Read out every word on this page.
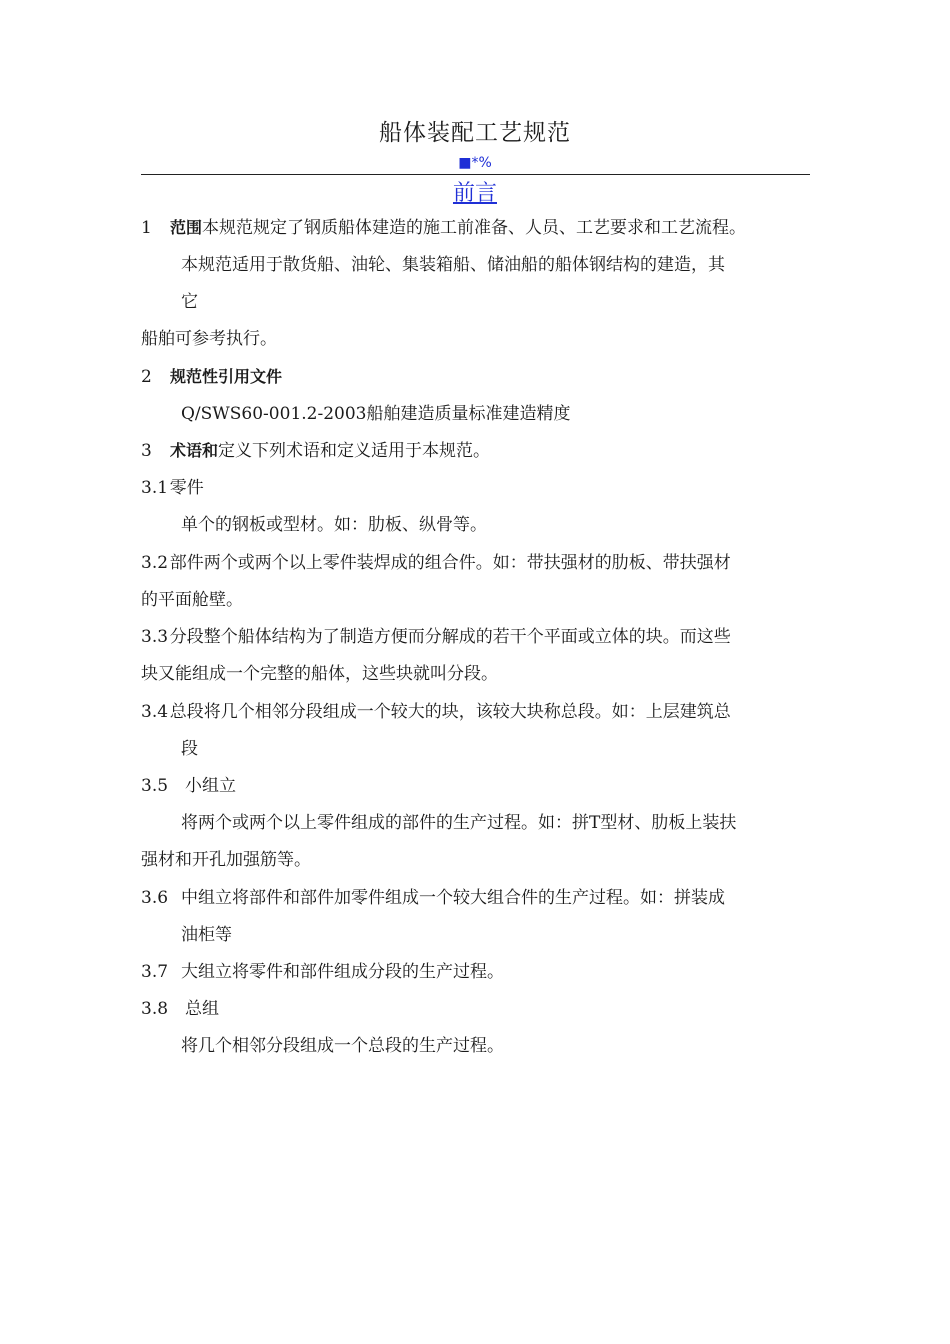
船体装配工艺规范
■*%
前言
1 范围本规范规定了钢质船体建造的施工前准备、人员、工艺要求和工艺流程。
本规范适用于散货船、油轮、集装箱船、储油船的船体钢结构的建造，其
它
船舶可参考执行。
2 规范性引用文件
Q/SWS60-001.2-2003船舶建造质量标准建造精度
3 术语和定义下列术语和定义适用于本规范。
3.1  零件
单个的钢板或型材。如：肋板、纵骨等。
3.2  部件两个或两个以上零件装焊成的组合件。如：带扶强材的肋板、带扶强材
的平面舱壁。
3.3  分段整个船体结构为了制造方便而分解成的若干个平面或立体的块。而这些
块又能组成一个完整的船体，这些块就叫分段。
3.4  总段将几个相邻分段组成一个较大的块，该较大块称总段。如：上层建筑总
段
3.5 小组立
将两个或两个以上零件组成的部件的生产过程。如：拼T型材、肋板上装扶
强材和开孔加强筋等。
3.6 中组立将部件和部件加零件组成一个较大组合件的生产过程。如：拼装成
油柜等
3.7 大组立将零件和部件组成分段的生产过程。
3.8 总组
将几个相邻分段组成一个总段的生产过程。
